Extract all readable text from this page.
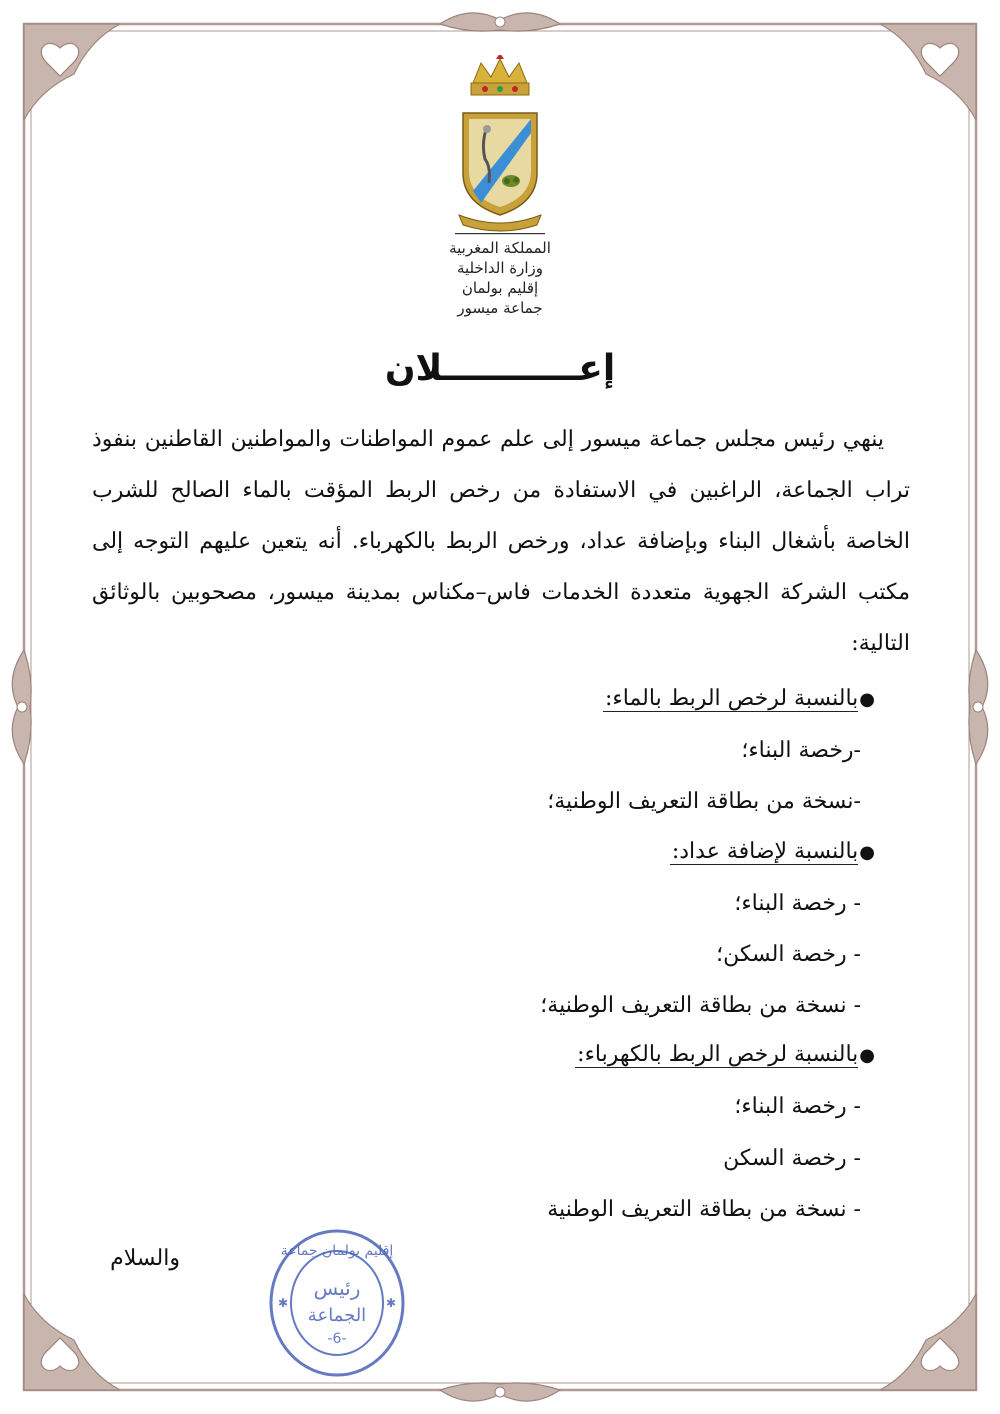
المملكة المغربية
وزارة الداخلية
إقليم بولمان
جماعة ميسور
إعـــــــــــلان
ينهي رئيس مجلس جماعة ميسور إلى علم عموم المواطنات والمواطنين القاطنين بنفوذ تراب الجماعة، الراغبين في الاستفادة من رخص الربط المؤقت بالماء الصالح للشرب الخاصة بأشغال البناء وبإضافة عداد، ورخص الربط بالكهرباء. أنه يتعين عليهم التوجه إلى مكتب الشركة الجهوية متعددة الخدمات فاس–مكناس بمدينة ميسور، مصحوبين بالوثائق التالية:
●بالنسبة لرخص الربط بالماء:
-رخصة البناء؛
-نسخة من بطاقة التعريف الوطنية؛
●بالنسبة لإضافة عداد:
- رخصة البناء؛
- رخصة السكن؛
- نسخة من بطاقة التعريف الوطنية؛
●بالنسبة لرخص الربط بالكهرباء:
- رخصة البناء؛
- رخصة السكن
- نسخة من بطاقة التعريف الوطنية
والسلام	إقليم بولمان جماعة
رئيس
الجماعة
-6-
✱	✱
